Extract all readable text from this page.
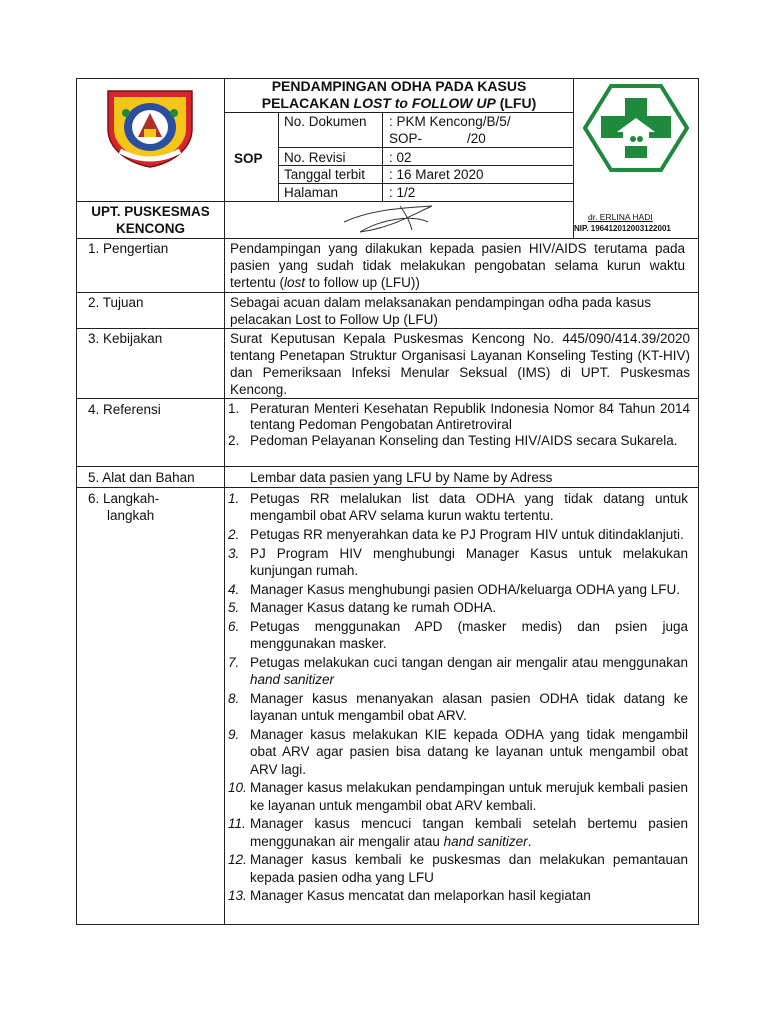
PENDAMPINGAN ODHA PADA KASUS
PELACAKAN LOST to FOLLOW UP (LFU)
SOP
No. Dokumen : PKM Kencong/B/5/
SOP-            /20
No. Revisi	: 02
Tanggal terbit : 16 Maret 2020
Halaman	: 1/2
UPT. PUSKESMAS
KENCONG
dr. ERLINA HADI
NIP. 196412012003122001
1. Pengertian	Pendampingan yang dilakukan kepada pasien HIV/AIDS terutama pada pasien yang sudah tidak melakukan pengobatan selama kurun waktu tertentu (lost to follow up (LFU))
2. Tujuan	Sebagai acuan dalam melaksanakan pendampingan odha pada kasus pelacakan Lost to Follow Up (LFU)
3. Kebijakan	Surat Keputusan Kepala Puskesmas Kencong No. 445/090/414.39/2020 tentang Penetapan Struktur Organisasi Layanan Konseling Testing (KT-HIV) dan Pemeriksaan Infeksi Menular Seksual (IMS) di UPT. Puskesmas Kencong.
4. Referensi	1. Peraturan Menteri Kesehatan Republik Indonesia Nomor 84 Tahun 2014 tentang Pedoman Pengobatan Antiretroviral
2. Pedoman Pelayanan Konseling dan Testing HIV/AIDS secara Sukarela.
5. Alat dan Bahan	Lembar data pasien yang LFU by Name by Adress
6. Langkah-
langkah
1. Petugas RR melalukan list data ODHA yang tidak datang untuk mengambil obat ARV selama kurun waktu tertentu.
2. Petugas RR menyerahkan data ke PJ Program HIV untuk ditindaklanjuti.
3. PJ Program HIV menghubungi Manager Kasus untuk melakukan kunjungan rumah.
4. Manager Kasus menghubungi pasien ODHA/keluarga ODHA yang LFU.
5. Manager Kasus datang ke rumah ODHA.
6. Petugas menggunakan APD (masker medis) dan psien juga menggunakan masker.
7. Petugas melakukan cuci tangan dengan air mengalir atau menggunakan hand sanitizer
8. Manager kasus menanyakan alasan pasien ODHA tidak datang ke layanan untuk mengambil obat ARV.
9. Manager kasus melakukan KIE kepada ODHA yang tidak mengambil obat ARV agar pasien bisa datang ke layanan untuk mengambil obat ARV lagi.
10. Manager kasus melakukan pendampingan untuk merujuk kembali pasien ke layanan untuk mengambil obat ARV kembali.
11. Manager kasus mencuci tangan kembali setelah bertemu pasien menggunakan air mengalir atau hand sanitizer.
12. Manager kasus kembali ke puskesmas dan melakukan pemantauan kepada pasien odha yang LFU
13. Manager Kasus mencatat dan melaporkan hasil kegiatan
